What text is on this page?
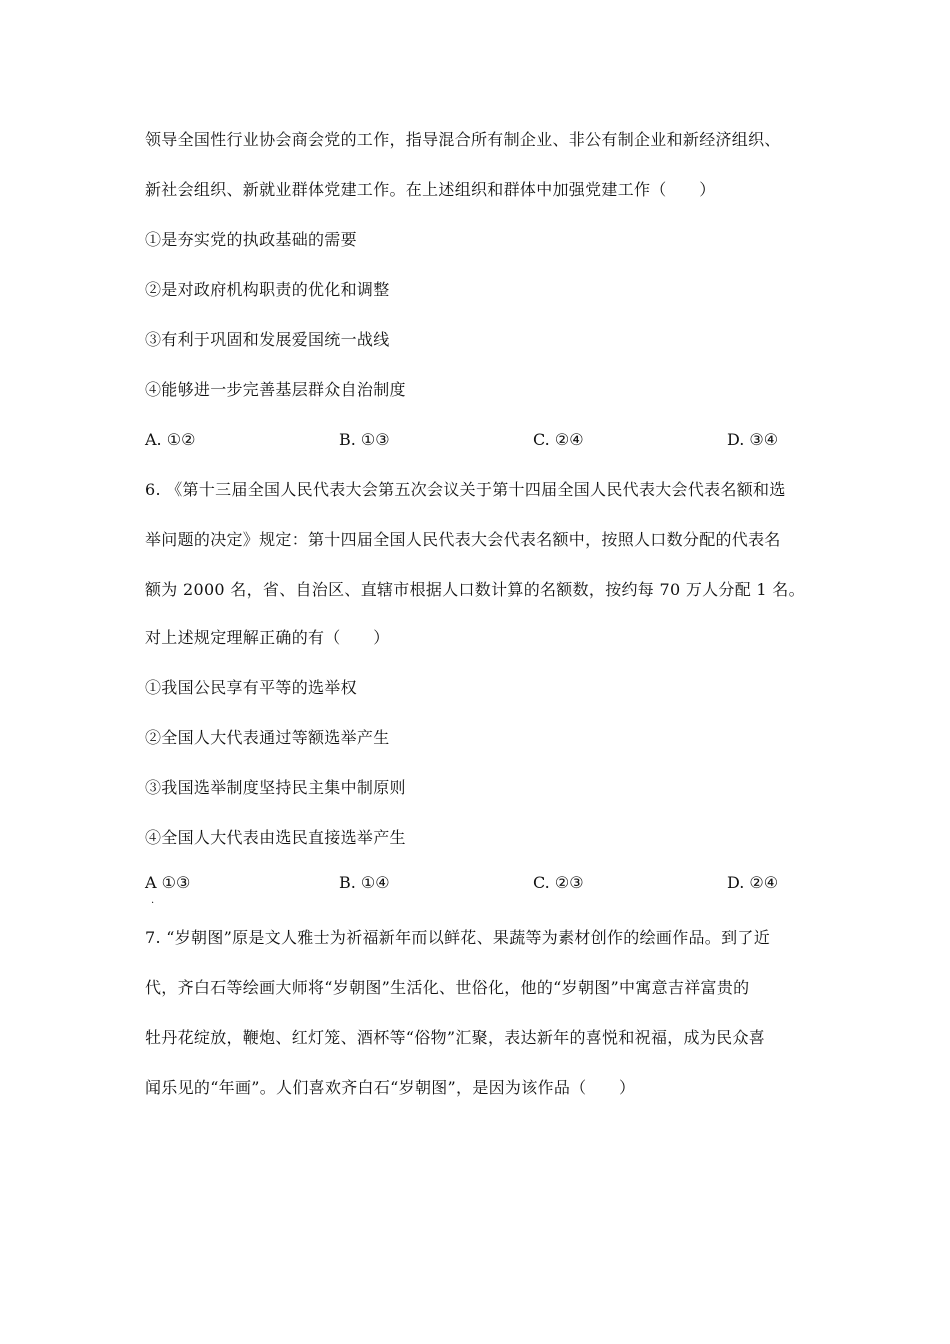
领导全国性行业协会商会党的工作，指导混合所有制企业、非公有制企业和新经济组织、
新社会组织、新就业群体党建工作。在上述组织和群体中加强党建工作（　　）
①是夯实党的执政基础的需要
②是对政府机构职责的优化和调整
③有利于巩固和发展爱国统一战线
④能够进一步完善基层群众自治制度
A. ①②	B. ①③	C. ②④	D. ③④
6. 《第十三届全国人民代表大会第五次会议关于第十四届全国人民代表大会代表名额和选
举问题的决定》规定：第十四届全国人民代表大会代表名额中，按照人口数分配的代表名
额为 2000 名，省、自治区、直辖市根据人口数计算的名额数，按约每 70 万人分配 1 名。
对上述规定理解正确的有（　　）
①我国公民享有平等的选举权
②全国人大代表通过等额选举产生
③我国选举制度坚持民主集中制原则
④全国人大代表由选民直接选举产生
A ①③	B. ①④	C. ②③	D. ②④
.
7. “岁朝图”原是文人雅士为祈福新年而以鲜花、果蔬等为素材创作的绘画作品。到了近
代，齐白石等绘画大师将“岁朝图”生活化、世俗化，他的“岁朝图”中寓意吉祥富贵的
牡丹花绽放，鞭炮、红灯笼、酒杯等“俗物”汇聚，表达新年的喜悦和祝福，成为民众喜
闻乐见的“年画”。人们喜欢齐白石“岁朝图”，是因为该作品（　　）
